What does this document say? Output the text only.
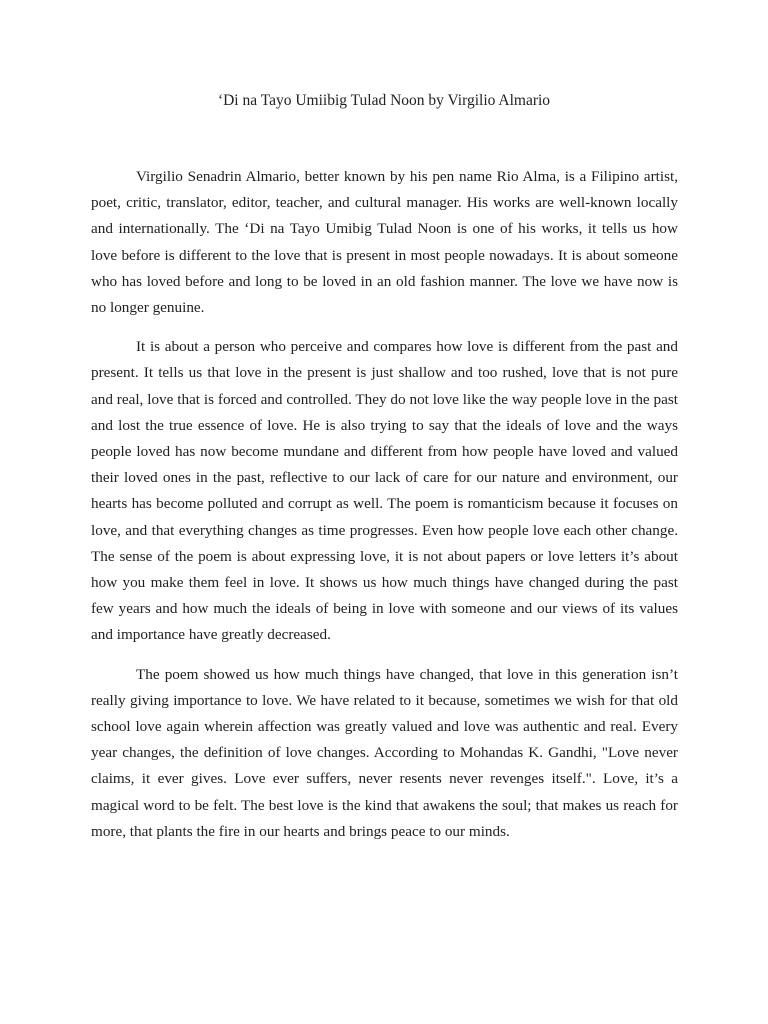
‘Di na Tayo Umiibig Tulad Noon by Virgilio Almario

Virgilio Senadrin Almario, better known by his pen name Rio Alma, is a Filipino artist, poet, critic, translator, editor, teacher, and cultural manager. His works are well-known locally and internationally. The ‘Di na Tayo Umibig Tulad Noon is one of his works, it tells us how love before is different to the love that is present in most people nowadays. It is about someone who has loved before and long to be loved in an old fashion manner. The love we have now is no longer genuine.

It is about a person who perceive and compares how love is different from the past and present. It tells us that love in the present is just shallow and too rushed, love that is not pure and real, love that is forced and controlled. They do not love like the way people love in the past and lost the true essence of love. He is also trying to say that the ideals of love and the ways people loved has now become mundane and different from how people have loved and valued their loved ones in the past, reflective to our lack of care for our nature and environment, our hearts has become polluted and corrupt as well. The poem is romanticism because it focuses on love, and that everything changes as time progresses. Even how people love each other change. The sense of the poem is about expressing love, it is not about papers or love letters it’s about how you make them feel in love. It shows us how much things have changed during the past few years and how much the ideals of being in love with someone and our views of its values and importance have greatly decreased.

The poem showed us how much things have changed, that love in this generation isn’t really giving importance to love. We have related to it because, sometimes we wish for that old school love again wherein affection was greatly valued and love was authentic and real. Every year changes, the definition of love changes. According to Mohandas K. Gandhi, "Love never claims, it ever gives. Love ever suffers, never resents never revenges itself.". Love, it’s a magical word to be felt. The best love is the kind that awakens the soul; that makes us reach for more, that plants the fire in our hearts and brings peace to our minds.
